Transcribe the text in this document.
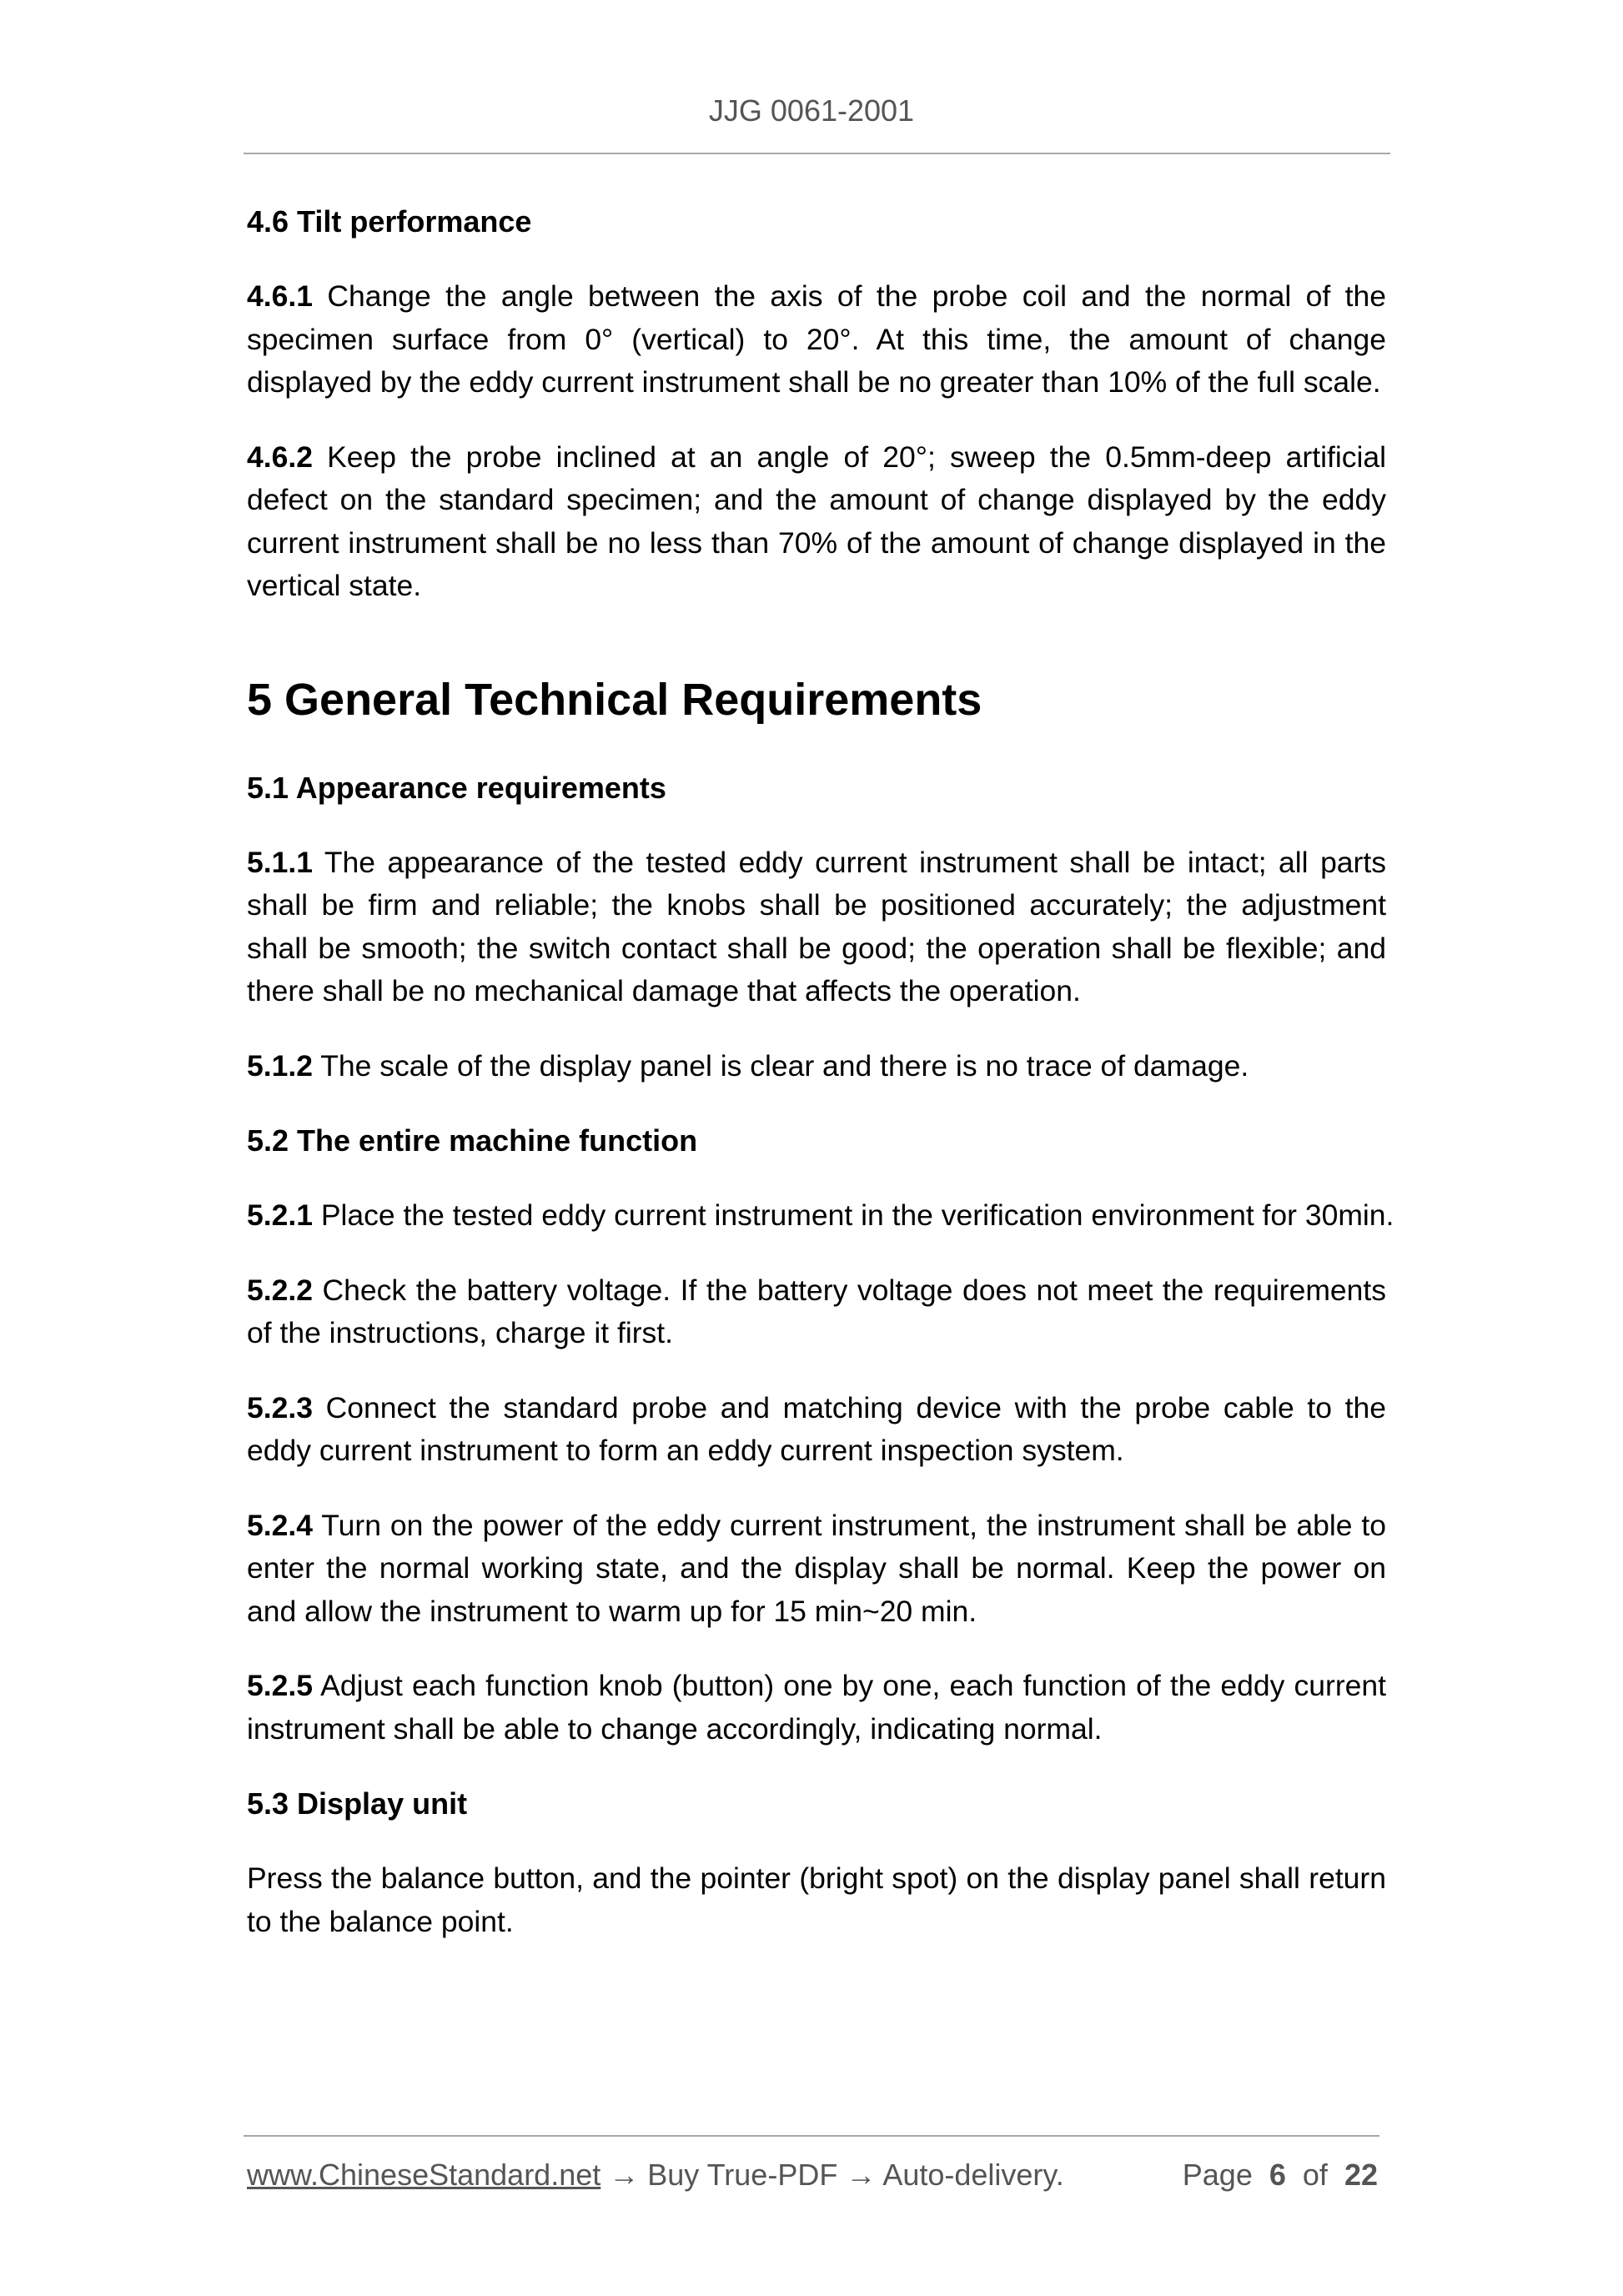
JJG 0061-2001
4.6 Tilt performance

4.6.1 Change the angle between the axis of the probe coil and the normal of the specimen surface from 0° (vertical) to 20°. At this time, the amount of change displayed by the eddy current instrument shall be no greater than 10% of the full scale.

4.6.2 Keep the probe inclined at an angle of 20°; sweep the 0.5mm-deep artificial defect on the standard specimen; and the amount of change displayed by the eddy current instrument shall be no less than 70% of the amount of change displayed in the vertical state.

5 General Technical Requirements
5.1 Appearance requirements

5.1.1 The appearance of the tested eddy current instrument shall be intact; all parts shall be firm and reliable; the knobs shall be positioned accurately; the adjustment shall be smooth; the switch contact shall be good; the operation shall be flexible; and there shall be no mechanical damage that affects the operation.

5.1.2 The scale of the display panel is clear and there is no trace of damage.

5.2 The entire machine function

5.2.1 Place the tested eddy current instrument in the verification environment for 30min.

5.2.2 Check the battery voltage. If the battery voltage does not meet the requirements of the instructions, charge it first.

5.2.3 Connect the standard probe and matching device with the probe cable to the eddy current instrument to form an eddy current inspection system.

5.2.4 Turn on the power of the eddy current instrument, the instrument shall be able to enter the normal working state, and the display shall be normal. Keep the power on and allow the instrument to warm up for 15 min~20 min.

5.2.5 Adjust each function knob (button) one by one, each function of the eddy current instrument shall be able to change accordingly, indicating normal.

5.3 Display unit

Press the balance button, and the pointer (bright spot) on the display panel shall return to the balance point.

www.ChineseStandard.net → Buy True-PDF → Auto-delivery.	Page 6 of 22
